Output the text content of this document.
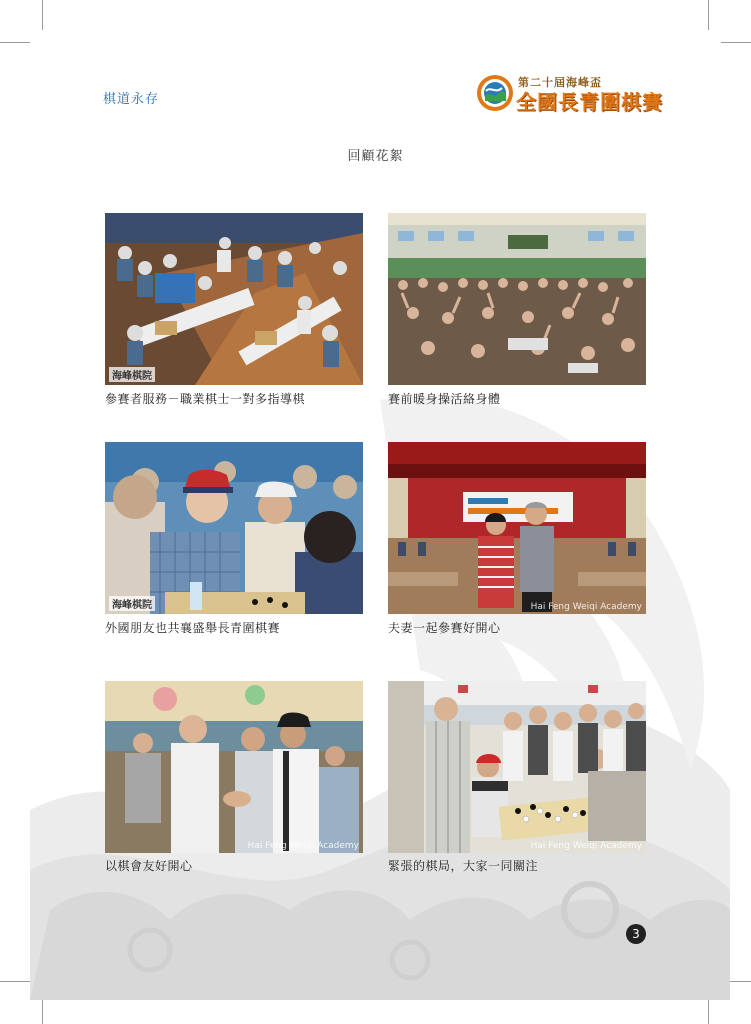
棋道永存
第二十屆海峰盃
全國長青圍棋賽
回顧花絮
海峰棋院
參賽者服務－職業棋士一對多指導棋	賽前暖身操活絡身體
海峰棋院
外國朋友也共襄盛舉長青圍棋賽
Hai Feng Weiqi Academy
夫妻一起參賽好開心
Hai Feng Weiqi Academy
以棋會友好開心
Hai Feng Weiqi Academy
緊張的棋局，大家一同關注
3
